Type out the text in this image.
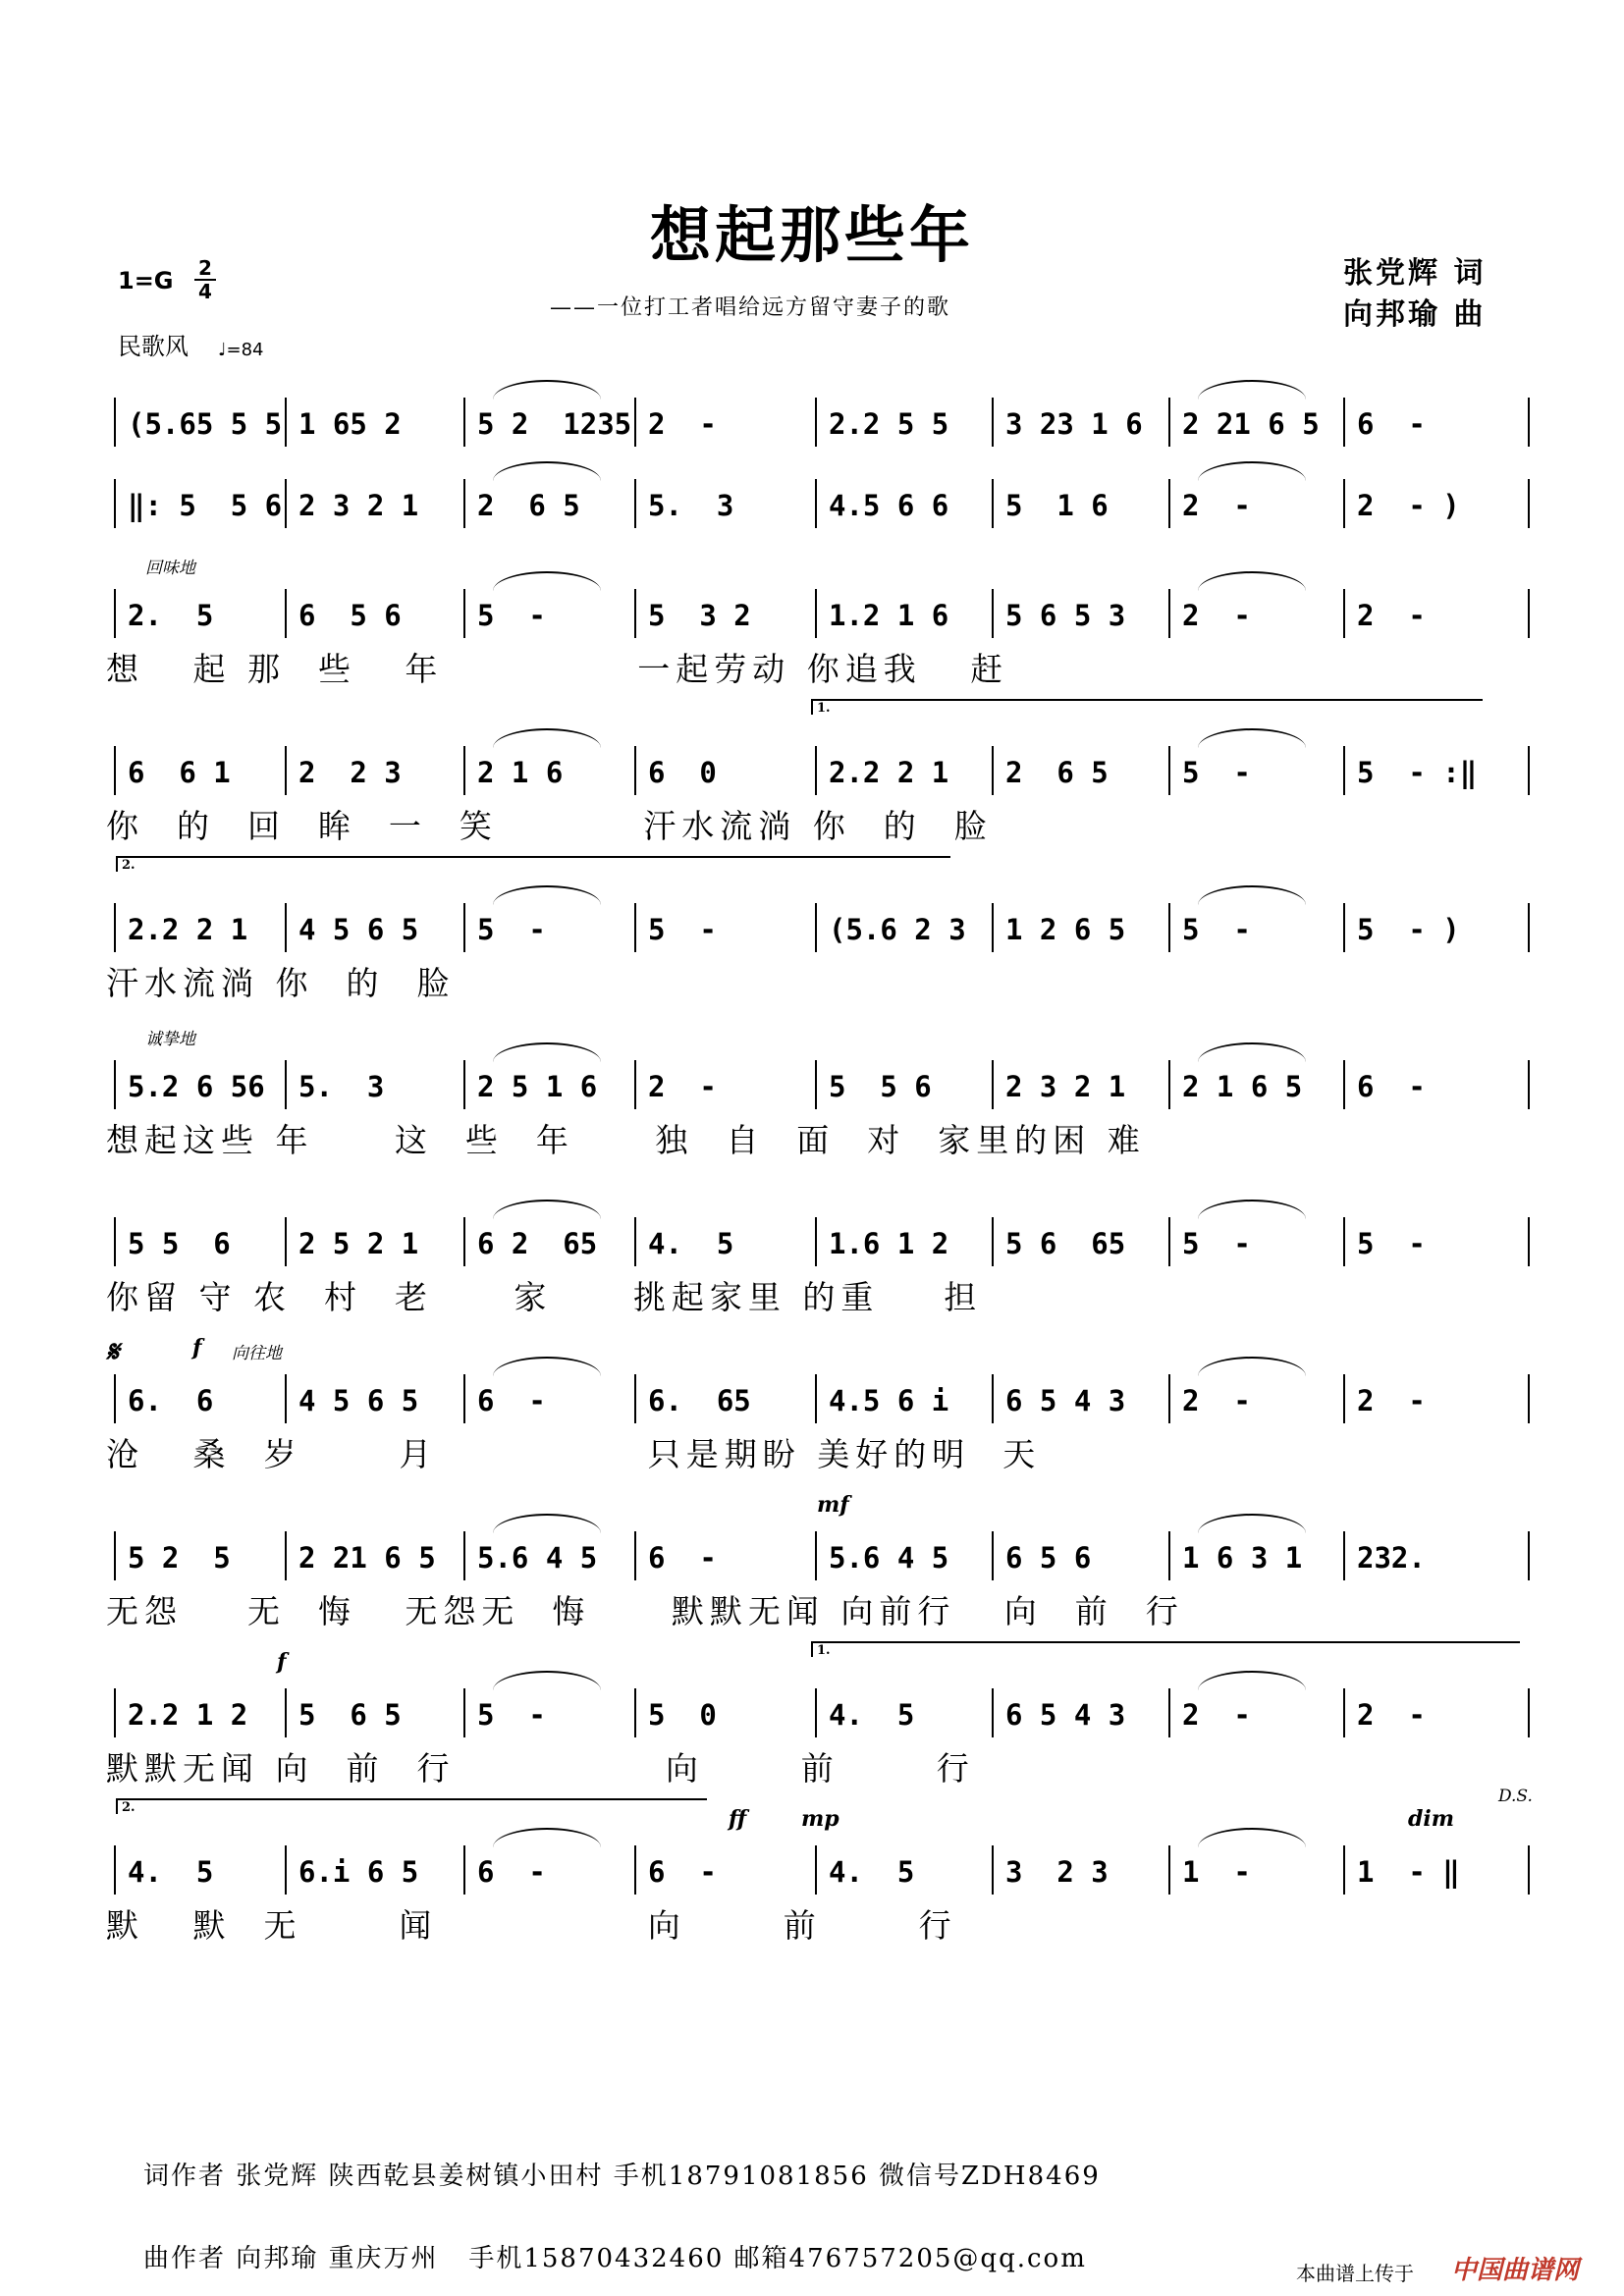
想起那些年
——一位打工者唱给远方留守妻子的歌
张党辉 词
向邦瑜 曲
1=G 2
4
民歌风 ♩=84
(5.65 5 5 1 65 2	5 2  1235 2  -	2.2 5 5 3 23 1 6 2 21 6 5 6  -
‖: 5  5 6 2 3 2 1 2  6 5 5.  3	4.5 6 6 5  1 6	2  -	2  - )
2.  5	6  5 6	5  -	5  3 2	1.2 1 6 5 6 5 3 2  -	2  -
回味地
想   起 那  些   年            一起劳动 你追我   赶
6  6 1 2  2 3	2 1 6	6  0	2.2 2 1 2  6 5	5  -	5  - :‖
1.
你  的  回  眸  一  笑         汗水流淌 你  的  脸
2.2 2 1 4 5 6 5 5  -	5  -	(5.6 2 3 1 2 6 5 5  -	5  - )
2.
汗水流淌 你  的  脸
5.2 6 56 5.  3	2 5 1 6 2  -	5  5 6	2 3 2 1 2 1 6 5 6  -
诚挚地
想起这些 年     这  些  年     独  自  面  对  家里的困 难
5 5  6 2 5 2 1 6 2  65 4.  5	1.6 1 2 5 6  65 5  -	5  -
你留 守 农  村  老     家     挑起家里 的重    担
6.  6	4 5 6 5 6  -	6.  65	4.5 6 i 6 5 4 3 2  -	2  -
向往地
𝄋	f
沧   桑  岁      月             只是期盼 美好的明  天
5 2  5 2 21 6 5 5.6 4 5 6  -	5.6 4 5 6 5 6	1 6 3 1 232.
mf
无怨    无  悔   无怨无  悔     默默无闻 向前行   向  前  行
2.2 1 2 5  6 5	5  -	5  0	4.  5	6 5 4 3 2  -	2  -
f	1.
D.S.
默默无闻 向  前  行             向      前      行
4.  5	6.i 6 5 6  -	6  -	4.  5	3  2 3	1  -	1  - ‖
ff	mp	dim
2.
默   默  无      闻             向      前      行
词作者 张党辉 陕西乾县姜树镇小田村 手机18791081856 微信号ZDH8469
曲作者 向邦瑜 重庆万州   手机15870432460 邮箱476757205@qq.com	本曲谱上传于 中国曲谱网
